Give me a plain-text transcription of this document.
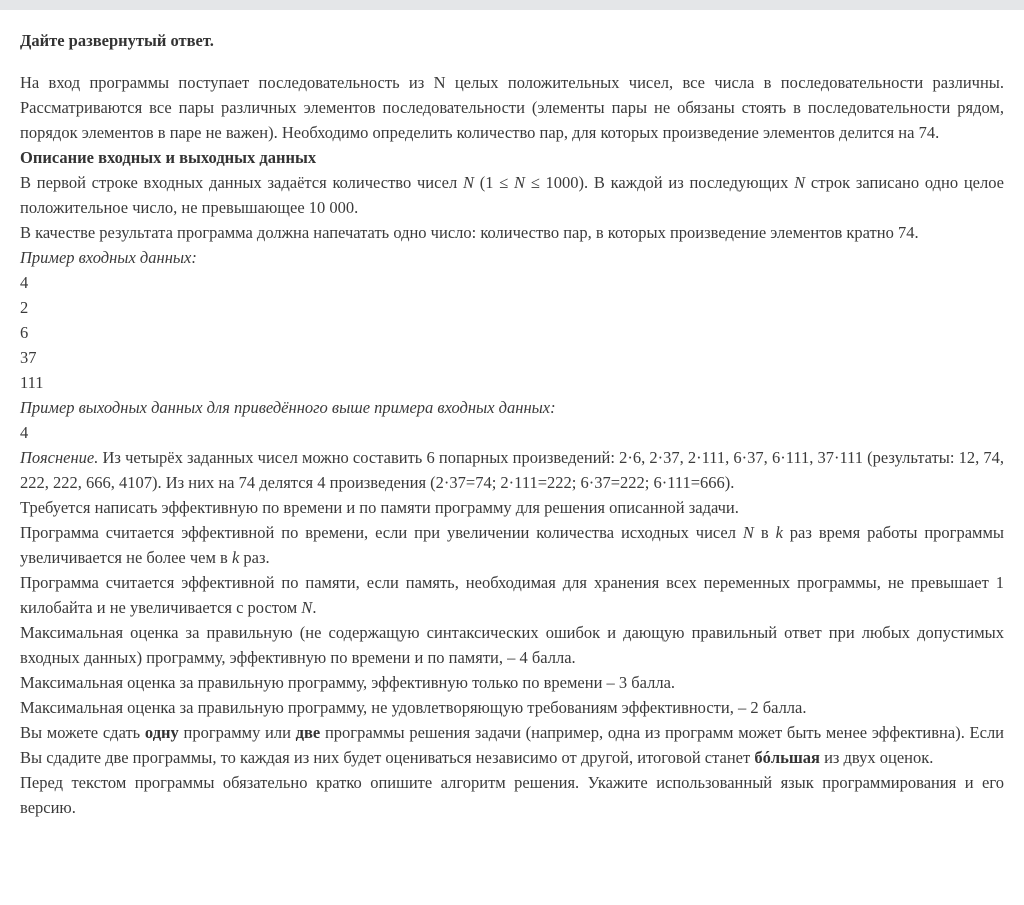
Дайте развернутый ответ.

На вход программы поступает последовательность из N целых положительных чисел, все числа в последовательности различны. Рассматриваются все пары различных элементов последовательности (элементы пары не обязаны стоять в последовательности рядом, порядок элементов в паре не важен). Необходимо определить количество пар, для которых произведение элементов делится на 74.

Описание входных и выходных данных

В первой строке входных данных задаётся количество чисел N (1 ≤ N ≤ 1000). В каждой из последующих N строк записано одно целое положительное число, не превышающее 10 000.

В качестве результата программа должна напечатать одно число: количество пар, в которых произведение элементов кратно 74.

Пример входных данных:
4
2
6
37
111
Пример выходных данных для приведённого выше примера входных данных:
4

Пояснение. Из четырёх заданных чисел можно составить 6 попарных произведений: 2·6, 2·37, 2·111, 6·37, 6·111, 37·111 (результаты: 12, 74, 222, 222, 666, 4107). Из них на 74 делятся 4 произведения (2·37=74; 2·111=222; 6·37=222; 6·111=666).

Требуется написать эффективную по времени и по памяти программу для решения описанной задачи.

Программа считается эффективной по времени, если при увеличении количества исходных чисел N в k раз время работы программы увеличивается не более чем в k раз.

Программа считается эффективной по памяти, если память, необходимая для хранения всех переменных программы, не превышает 1 килобайта и не увеличивается с ростом N.

Максимальная оценка за правильную (не содержащую синтаксических ошибок и дающую правильный ответ при любых допустимых входных данных) программу, эффективную по времени и по памяти, – 4 балла.

Максимальная оценка за правильную программу, эффективную только по времени – 3 балла.

Максимальная оценка за правильную программу, не удовлетворяющую требованиям эффективности, – 2 балла.

Вы можете сдать одну программу или две программы решения задачи (например, одна из программ может быть менее эффективна). Если Вы сдадите две программы, то каждая из них будет оцениваться независимо от другой, итоговой станет бóльшая из двух оценок.

Перед текстом программы обязательно кратко опишите алгоритм решения. Укажите использованный язык программирования и его версию.
